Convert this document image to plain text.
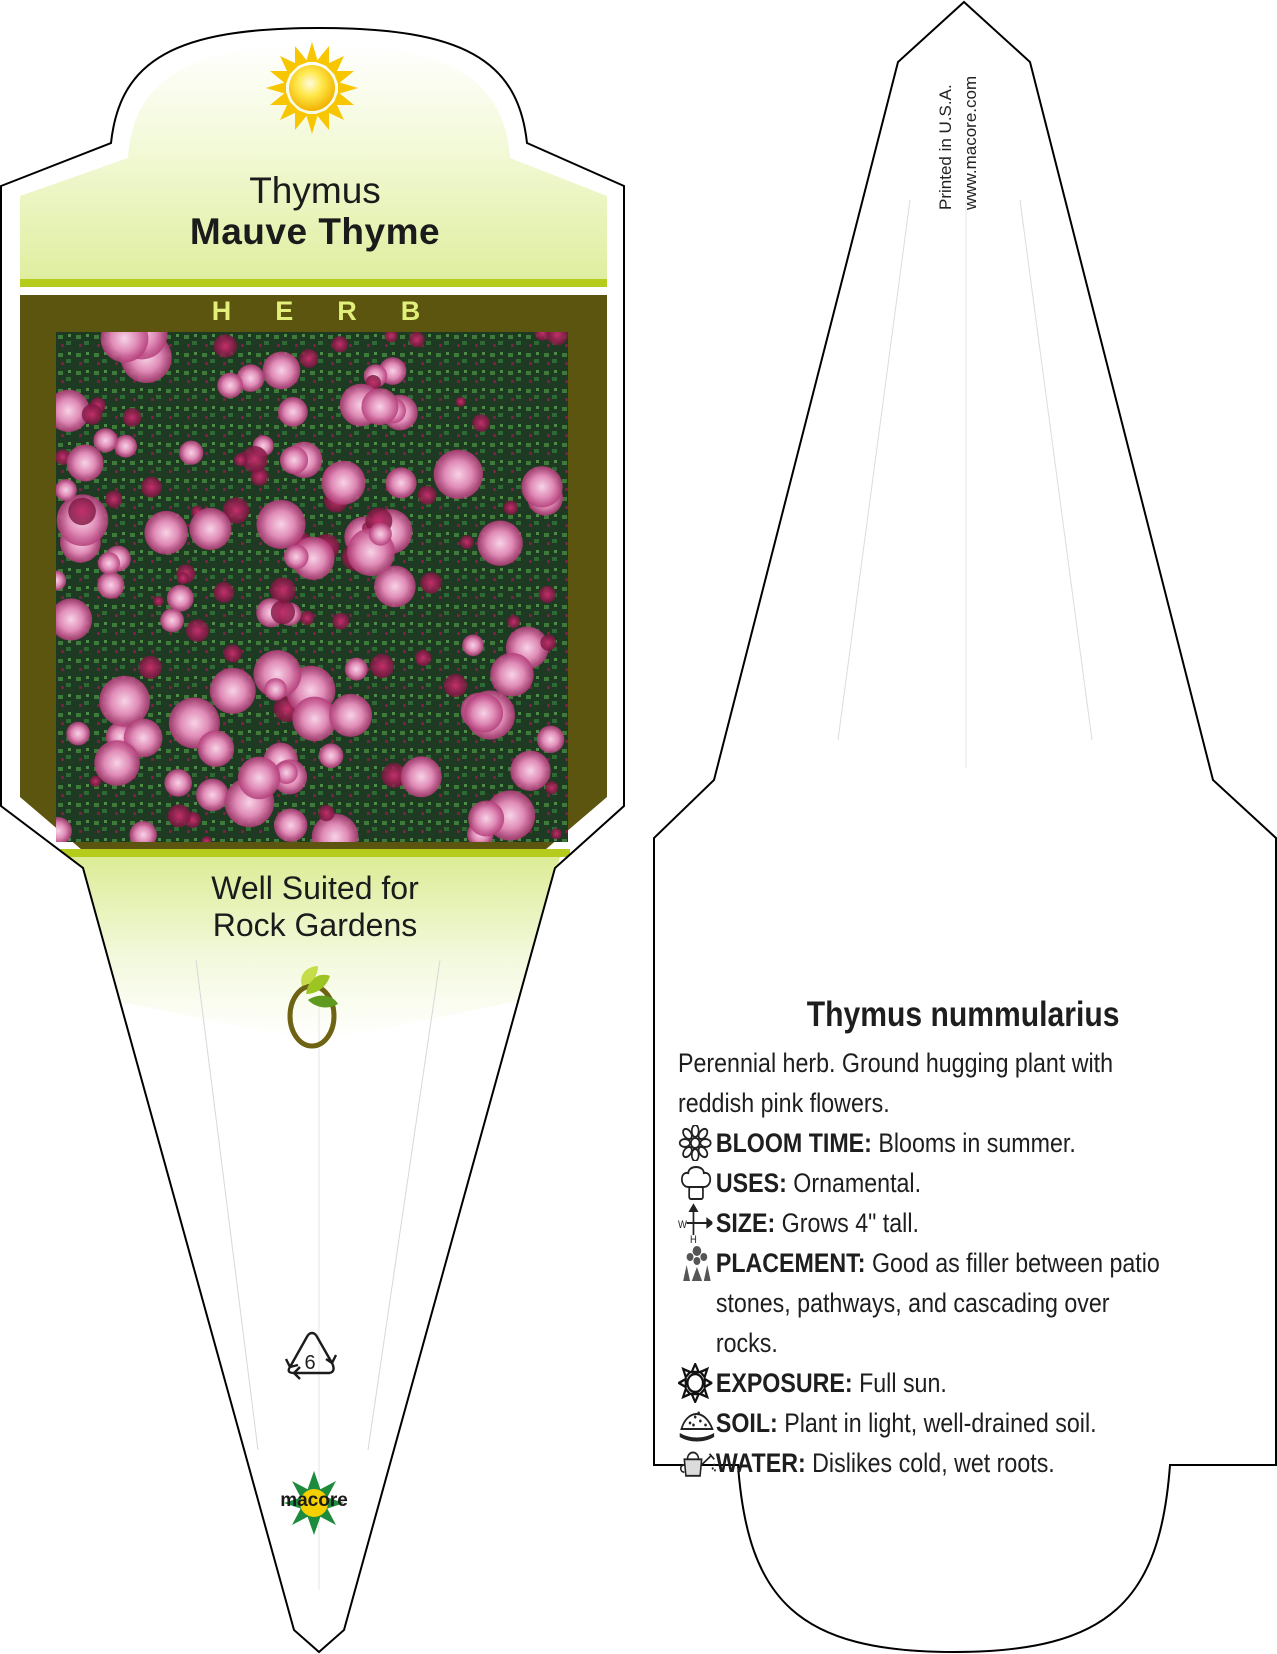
Thymus
Mauve Thyme
HERB
Well Suited for
Rock Gardens
6
macore
Printed in U.S.A. www.macore.com
Thymus nummularius

Perennial herb. Ground hugging plant with reddish pink flowers.

BLOOM TIME: Blooms in summer.
USES: Ornamental.
W
H
SIZE: Grows 4" tall.
PLACEMENT: Good as filler between patio stones, pathways, and cascading over rocks.
EXPOSURE: Full sun.
SOIL: Plant in light, well-drained soil.
WATER: Dislikes cold, wet roots.
